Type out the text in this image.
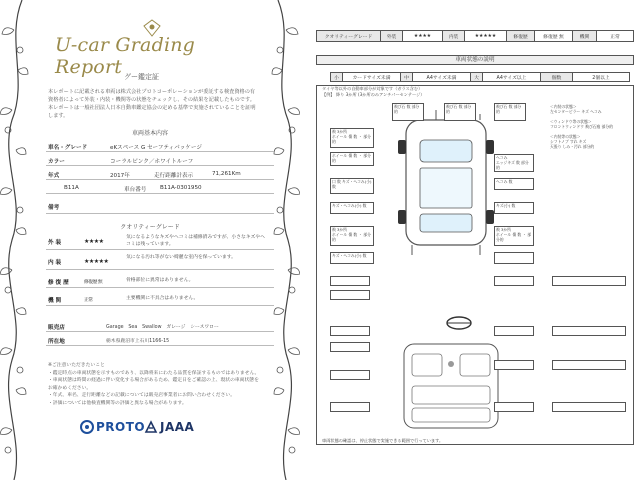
U-car Grading Report グー鑑定証
本レポートに記載される車両は株式会社プロトコーポレーションが委託する検査資格の有資格者によって外装・内装・機関等の状態をチェックし、その結果を記載したものです。本レポートは一般社団法人日本自動車鑑定協会の定める基準で実施されていることを証明します。
車両基本内容
車名・グレード	eKスペース G セーフティパッケージ
カラー	コーラルピンク／ホワイトルーフ
年式	2017年	走行距離計表示	71,261Km
B11A	車台番号 B11A-0301950
備考
クオリティーグレード
外 装	★★★★
気になるようなキズやヘコミは補修済みですが、小さなキズやヘコミは残っています。
内 装	★★★★★
気になる汚れ等がない綺麗な室内を保っています。
修 復 歴	修復歴 無	骨格部位に異常はありません。
機 関	正常	主要機関に不具合はありません。
販売店	Garage　Sea　Swallow　ガレージ　シースワロー
所在地	栃木県鹿沼市上石川1166-15
※ご注意いただきたいこと
・鑑定時点の車両状態を示すものであり、以降将来にわたる品質を保証するものではありません。
・車両状態は時間の経過に伴い変化する場合があるため、鑑定日をご確認の上、現状の車両状態をお確かめください。
・年式、車名、走行距離などの記載については販売店事業者にお問い合わせください。
・評価については他検査機関等の評価と異なる場合があります。
PROTO JAAA
クオリティーグレード	外装	★★★★	内装	★★★★★	修復歴	修復歴 無	機関	正常
車両状態の説明
小	カードサイズ未満	中	A4サイズ未満	大	A4サイズ以上	個数	2個以上
タイヤ等以外の自動車部分が対象です（ガラス含む）
【例】 降り 3か所 (3か所のみアンチパーセンテージ）
飛び石 数 部分的
飛び石 数 部分的
飛び石 数 部分的
飛 3か所
ホイール 傷 数 ・ 部分的
ホイール 傷 数 ・ 部分的
ヘコみ
エッジキズ 数 部分的
ヘコみ 数
口 数 キズ・ヘコみ(小) 数
キズ・ヘコみ(小) 数	キズ(小) 数
飛 3か所
ホイール 傷 数 ・ 部分的
飛 3か所
ホイール 傷 数 ・ 部分的
キズ・ヘコみ(小) 数
＜内装の状態＞
左センターピラー キズ ヘコみ

＜ウィンドウ等の状態＞
フロントウィンドウ 飛び石痕 部分的

＜内装等の状態＞
シフトノブ すれ キズ
天張り しみ・汚れ 部分的
車両状態の確認は、停止状態で実施できる範囲で行っています。
